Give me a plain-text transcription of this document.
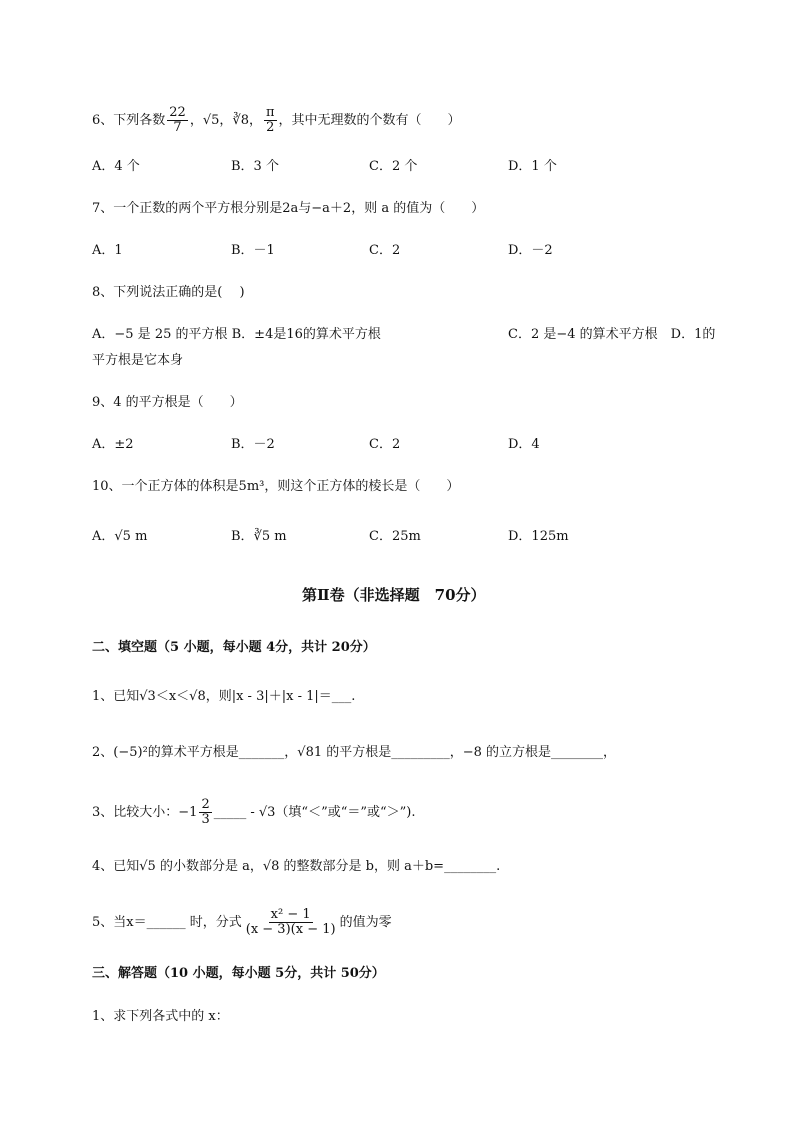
6、下列各数 $\frac{22}{7}$ ，√5，∛8， $\frac{\pi}{2}$ ，其中无理数的个数有（　　）
A．4 个	B．3 个	C．2 个	D．1 个
7、一个正数的两个平方根分别是2a与−a＋2，则 a 的值为（　　）
A．1	B．－1	C．2	D．－2
8、下列说法正确的是(　 )
A．−5 是 25 的平方根 B．±4是16的算术平方根	C．2 是−4 的算术平方根　D．1的
平方根是它本身
9、4 的平方根是（　　）
A．±2	B．－2	C．2	D．4
10、一个正方体的体积是5m³，则这个正方体的棱长是（　　）
A．√5 m	B．∛5 m	C．25m	D．125m
第Ⅱ卷（非选择题　70分）
二、填空题（5 小题，每小题 4分，共计 20分）
1、已知√3＜x＜√8，则|x - 3|＋|x - 1|＝___.
2、(−5)²的算术平方根是_______，√81 的平方根是_________，−8 的立方根是________，
3、比较大小：$-1 \frac{2}{3}$ _____ - √3（填“＜”或“＝”或“＞”).
4、已知√5 的小数部分是 a，√8 的整数部分是 b，则 a＋b=________.
5、当x＝______ 时，分式 $\frac{\text{x² − 1}}{(x - 3)(x - 1)}$ 的值为零
三、解答题（10 小题，每小题 5分，共计 50分）
1、求下列各式中的 x：
